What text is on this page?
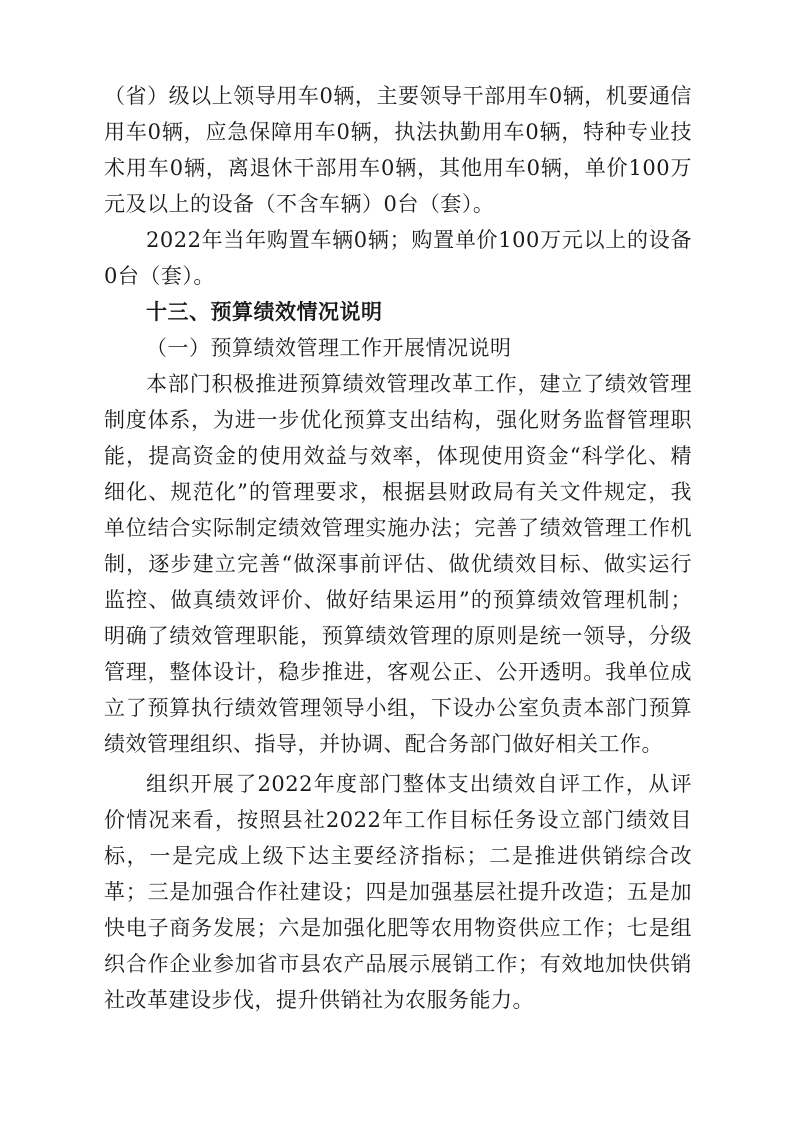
（省）级以上领导用车0辆，主要领导干部用车0辆，机要通信用车0辆，应急保障用车0辆，执法执勤用车0辆，特种专业技术用车0辆，离退休干部用车0辆，其他用车0辆，单价100万元及以上的设备（不含车辆）0台（套）。

2022年当年购置车辆0辆；购置单价100万元以上的设备0台（套）。

十三、预算绩效情况说明

（一）预算绩效管理工作开展情况说明

本部门积极推进预算绩效管理改革工作，建立了绩效管理制度体系，为进一步优化预算支出结构，强化财务监督管理职能，提高资金的使用效益与效率，体现使用资金“科学化、精细化、规范化”的管理要求，根据县财政局有关文件规定，我单位结合实际制定绩效管理实施办法；完善了绩效管理工作机制，逐步建立完善“做深事前评估、做优绩效目标、做实运行监控、做真绩效评价、做好结果运用”的预算绩效管理机制；明确了绩效管理职能，预算绩效管理的原则是统一领导，分级管理，整体设计，稳步推进，客观公正、公开透明。我单位成立了预算执行绩效管理领导小组，下设办公室负责本部门预算绩效管理组织、指导，并协调、配合务部门做好相关工作。

组织开展了2022年度部门整体支出绩效自评工作，从评价情况来看，按照县社2022年工作目标任务设立部门绩效目标，一是完成上级下达主要经济指标；二是推进供销综合改革；三是加强合作社建设；四是加强基层社提升改造；五是加快电子商务发展；六是加强化肥等农用物资供应工作；七是组织合作企业参加省市县农产品展示展销工作；有效地加快供销社改革建设步伐，提升供销社为农服务能力。
